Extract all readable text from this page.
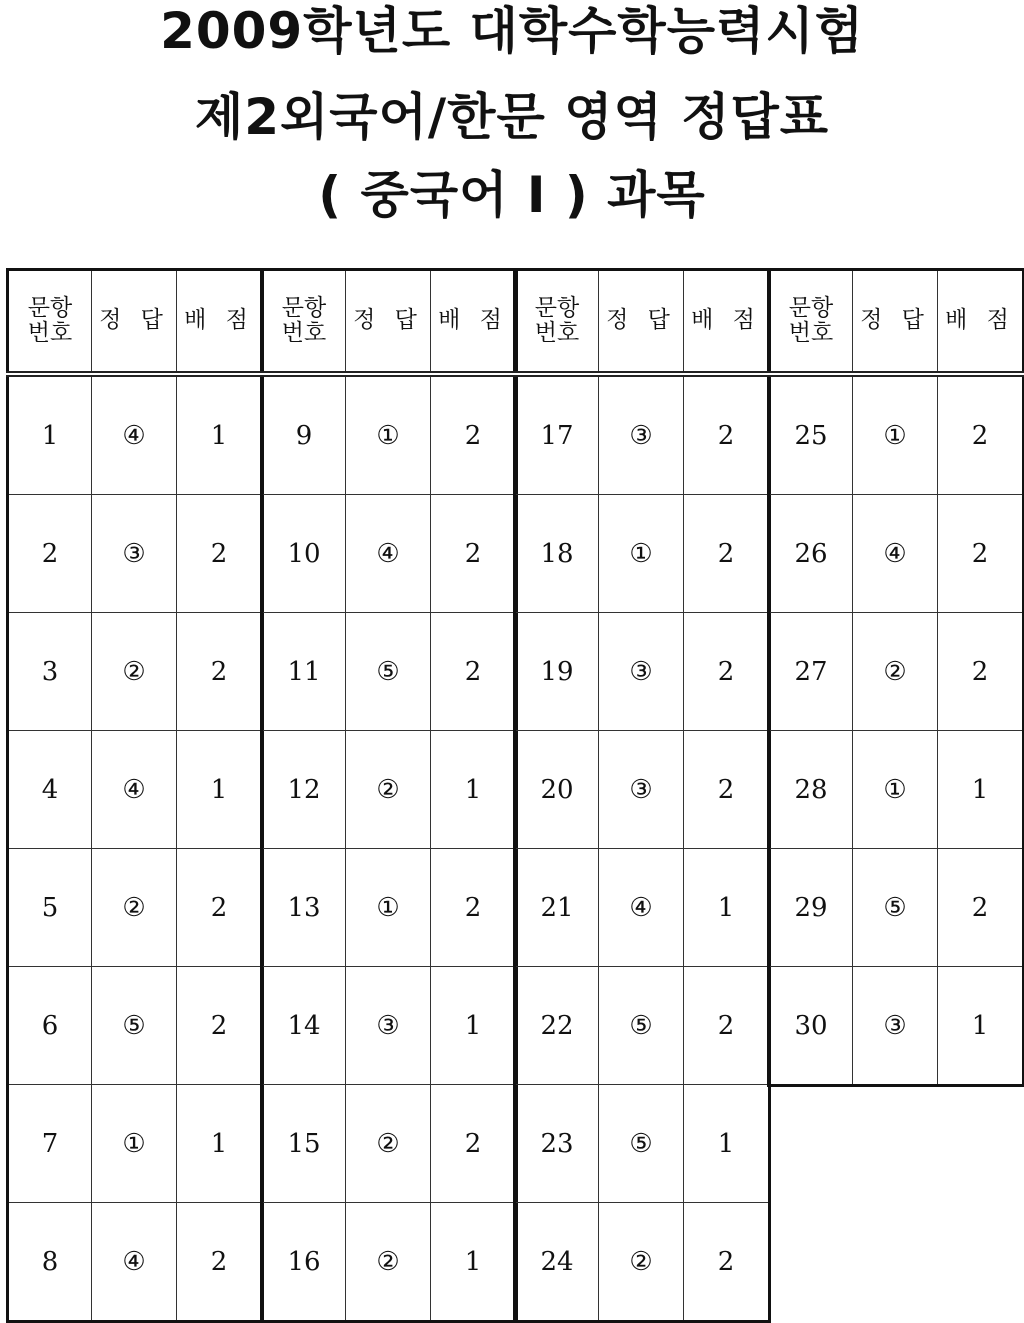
2009학년도 대학수학능력시험
제2외국어/한문 영역 정답표
( 중국어 I ) 과목
문항
번호	정 답	배 점
1	④	1
2	③	2
3	②	2
4	④	1
5	②	2
6	⑤	2
7	①	1
8	④	2
문항
번호	정 답	배 점
9	①	2
10	④	2
11	⑤	2
12	②	1
13	①	2
14	③	1
15	②	2
16	②	1
문항
번호	정 답	배 점
17	③	2
18	①	2
19	③	2
20	③	2
21	④	1
22	⑤	2
23	⑤	1
24	②	2
문항
번호	정 답	배 점
25	①	2
26	④	2
27	②	2
28	①	1
29	⑤	2
30	③	1
